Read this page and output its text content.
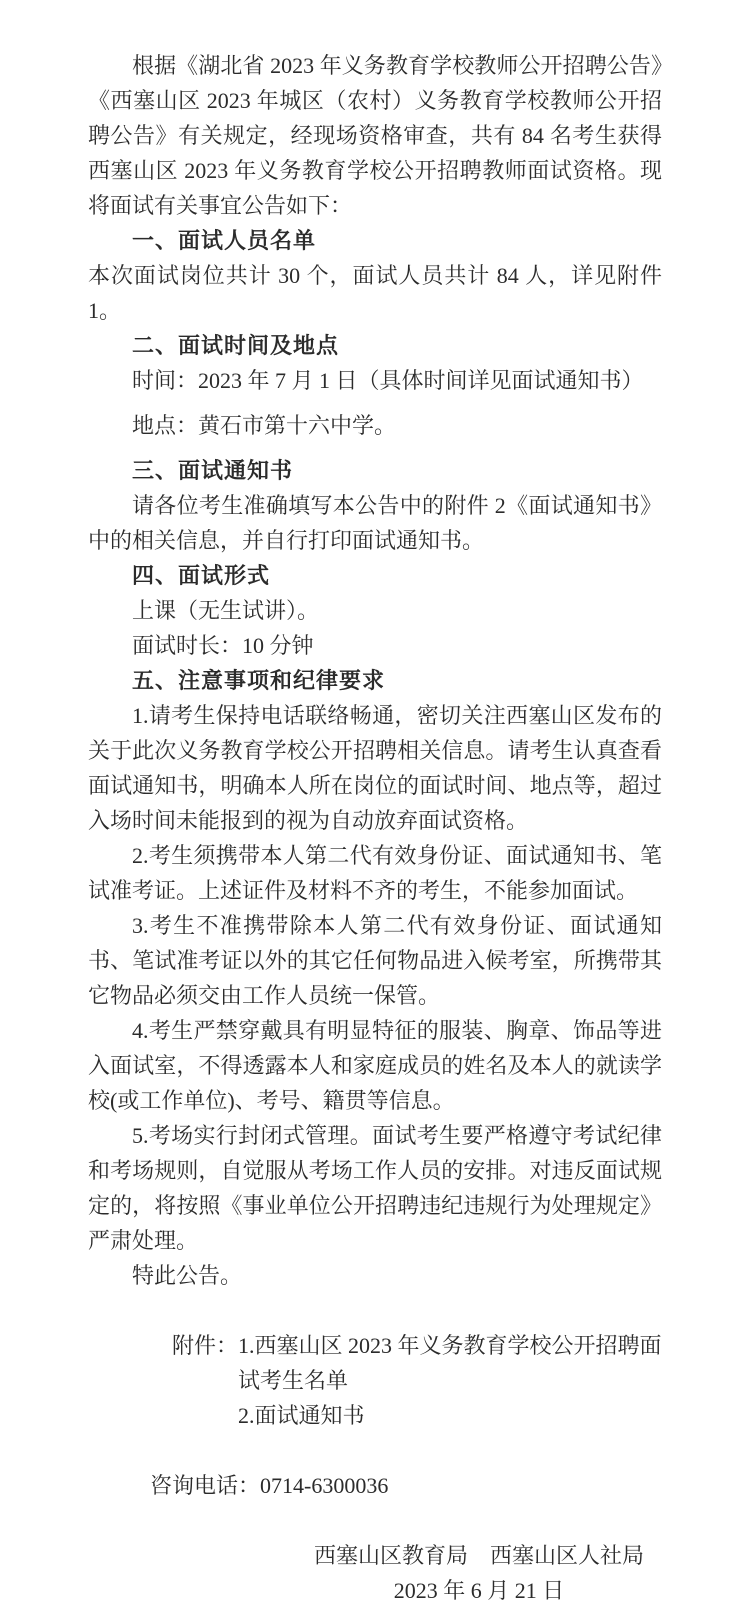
根据《湖北省 2023 年义务教育学校教师公开招聘公告》《西塞山区 2023 年城区（农村）义务教育学校教师公开招聘公告》有关规定，经现场资格审查，共有 84 名考生获得西塞山区 2023 年义务教育学校公开招聘教师面试资格。现将面试有关事宜公告如下：

一、面试人员名单

本次面试岗位共计 30 个，面试人员共计 84 人，详见附件 1。

二、面试时间及地点

时间：2023 年 7 月 1 日（具体时间详见面试通知书）

地点：黄石市第十六中学。

三、面试通知书

请各位考生准确填写本公告中的附件 2《面试通知书》中的相关信息，并自行打印面试通知书。

四、面试形式

上课（无生试讲）。

面试时长：10 分钟

五、注意事项和纪律要求

1.请考生保持电话联络畅通，密切关注西塞山区发布的关于此次义务教育学校公开招聘相关信息。请考生认真查看面试通知书，明确本人所在岗位的面试时间、地点等，超过入场时间未能报到的视为自动放弃面试资格。

2.考生须携带本人第二代有效身份证、面试通知书、笔试准考证。上述证件及材料不齐的考生，不能参加面试。

3.考生不准携带除本人第二代有效身份证、面试通知书、笔试准考证以外的其它任何物品进入候考室，所携带其它物品必须交由工作人员统一保管。

4.考生严禁穿戴具有明显特征的服装、胸章、饰品等进入面试室，不得透露本人和家庭成员的姓名及本人的就读学校(或工作单位)、考号、籍贯等信息。

5.考场实行封闭式管理。面试考生要严格遵守考试纪律和考场规则，自觉服从考场工作人员的安排。对违反面试规定的，将按照《事业单位公开招聘违纪违规行为处理规定》严肃处理。

特此公告。

附件： 1.西塞山区 2023 年义务教育学校公开招聘面试考生名单

2.面试通知书

咨询电话：0714-6300036

西塞山区教育局　西塞山区人社局

2023 年 6 月 21 日
